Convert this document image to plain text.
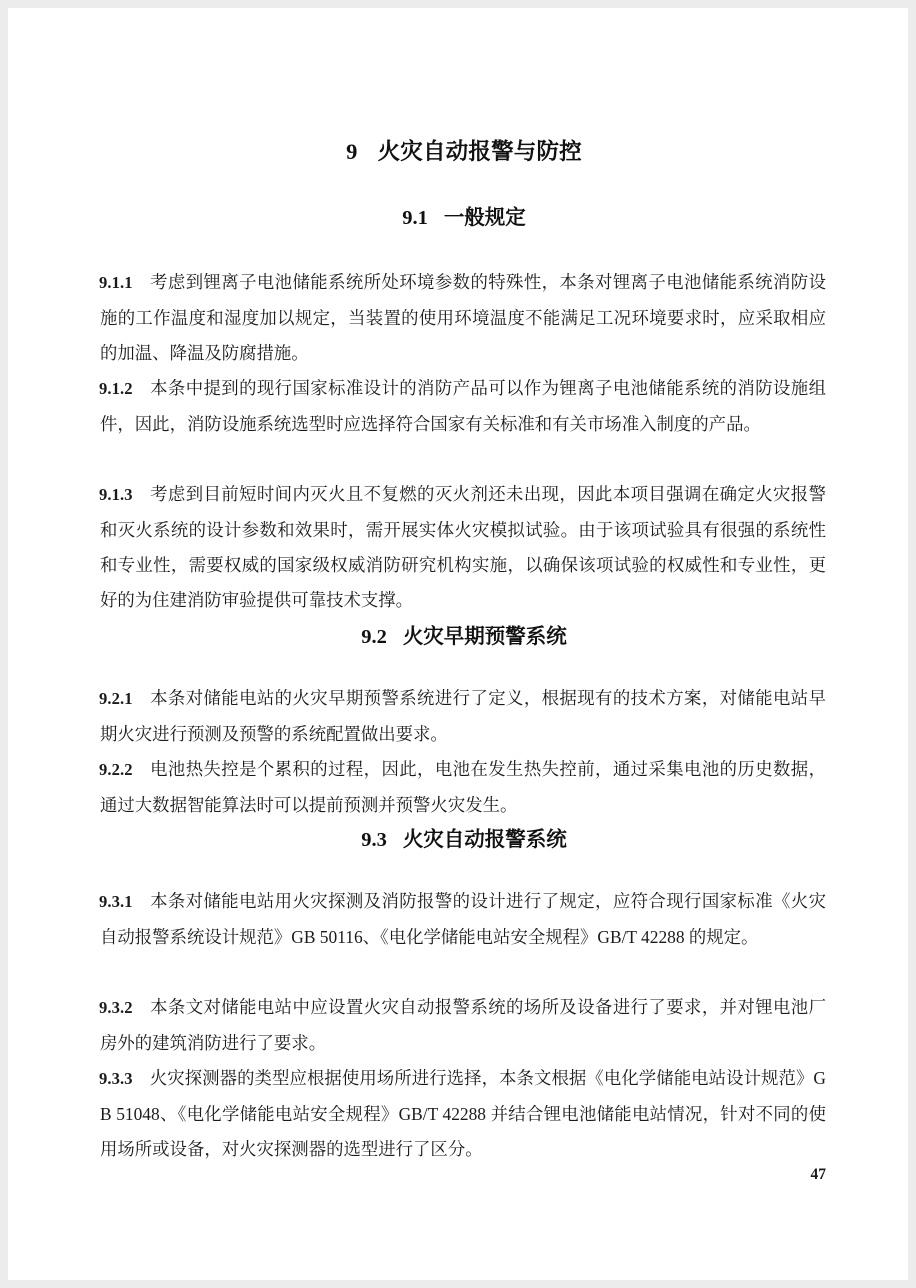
9 火灾自动报警与防控
9.1 一般规定

9.1.1 考虑到锂离子电池储能系统所处环境参数的特殊性，本条对锂离子电池储能系统消防设施的工作温度和湿度加以规定，当装置的使用环境温度不能满足工况环境要求时，应采取相应的加温、降温及防腐措施。

9.1.2 本条中提到的现行国家标准设计的消防产品可以作为锂离子电池储能系统的消防设施组件，因此，消防设施系统选型时应选择符合国家有关标准和有关市场准入制度的产品。

9.1.3 考虑到目前短时间内灭火且不复燃的灭火剂还未出现，因此本项目强调在确定火灾报警和灭火系统的设计参数和效果时，需开展实体火灾模拟试验。由于该项试验具有很强的系统性和专业性，需要权威的国家级权威消防研究机构实施，以确保该项试验的权威性和专业性，更好的为住建消防审验提供可靠技术支撑。

9.2 火灾早期预警系统

9.2.1 本条对储能电站的火灾早期预警系统进行了定义，根据现有的技术方案，对储能电站早期火灾进行预测及预警的系统配置做出要求。

9.2.2 电池热失控是个累积的过程，因此，电池在发生热失控前，通过采集电池的历史数据，通过大数据智能算法时可以提前预测并预警火灾发生。

9.3 火灾自动报警系统

9.3.1 本条对储能电站用火灾探测及消防报警的设计进行了规定，应符合现行国家标准《火灾自动报警系统设计规范》GB 50116、《电化学储能电站安全规程》GB/T 42288 的规定。

9.3.2 本条文对储能电站中应设置火灾自动报警系统的场所及设备进行了要求，并对锂电池厂房外的建筑消防进行了要求。

9.3.3 火灾探测器的类型应根据使用场所进行选择，本条文根据《电化学储能电站设计规范》GB 51048、《电化学储能电站安全规程》GB/T 42288 并结合锂电池储能电站情况，针对不同的使用场所或设备，对火灾探测器的选型进行了区分。

47
